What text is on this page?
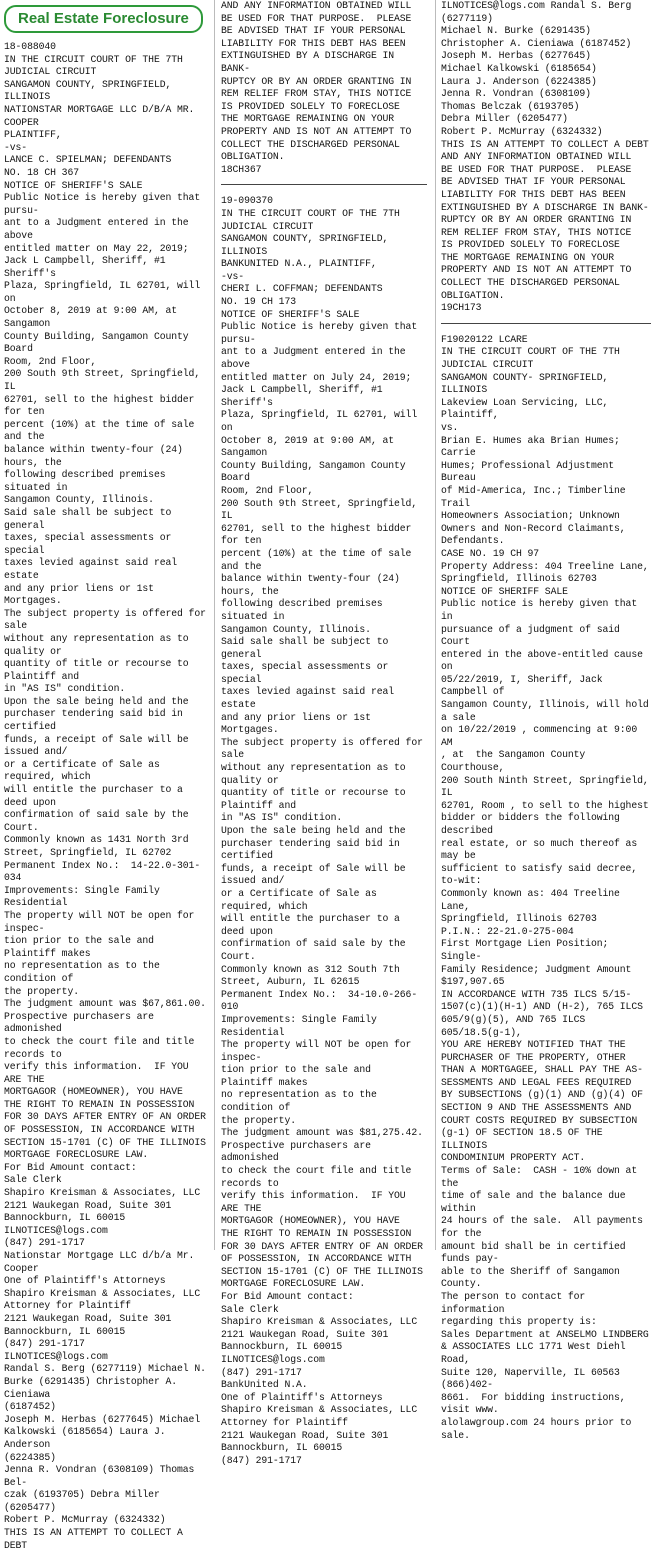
Real Estate Foreclosure
18-088040
IN THE CIRCUIT COURT OF THE 7TH
JUDICIAL CIRCUIT
SANGAMON COUNTY, SPRINGFIELD,
ILLINOIS
NATIONSTAR MORTGAGE LLC D/B/A MR.
COOPER
PLAINTIFF,
-vs-
LANCE C. SPIELMAN; DEFENDANTS
NO. 18 CH 367
NOTICE OF SHERIFF'S SALE
Public Notice is hereby given that pursu-
ant to a Judgment entered in the above
entitled matter on May 22, 2019;
Jack L Campbell, Sheriff, #1 Sheriff's
Plaza, Springfield, IL 62701, will on
October 8, 2019 at 9:00 AM, at Sangamon
County Building, Sangamon County Board
Room, 2nd Floor,
200 South 9th Street, Springfield, IL
62701, sell to the highest bidder for ten
percent (10%) at the time of sale and the
balance within twenty-four (24) hours, the
following described premises situated in
Sangamon County, Illinois.
Said sale shall be subject to general
taxes, special assessments or special
taxes levied against said real estate
and any prior liens or 1st Mortgages.
The subject property is offered for sale
without any representation as to quality or
quantity of title or recourse to Plaintiff and
in "AS IS" condition.
Upon the sale being held and the
purchaser tendering said bid in certified
funds, a receipt of Sale will be issued and/
or a Certificate of Sale as required, which
will entitle the purchaser to a deed upon
confirmation of said sale by the Court.
Commonly known as 1431 North 3rd
Street, Springfield, IL 62702
Permanent Index No.:  14-22.0-301-034
Improvements: Single Family Residential
The property will NOT be open for inspec-
tion prior to the sale and Plaintiff makes
no representation as to the condition of
the property.
The judgment amount was $67,861.00.
Prospective purchasers are admonished
to check the court file and title records to
verify this information.  IF YOU ARE THE
MORTGAGOR (HOMEOWNER), YOU HAVE
THE RIGHT TO REMAIN IN POSSESSION
FOR 30 DAYS AFTER ENTRY OF AN ORDER
OF POSSESSION, IN ACCORDANCE WITH
SECTION 15-1701 (C) OF THE ILLINOIS
MORTGAGE FORECLOSURE LAW.
For Bid Amount contact:
Sale Clerk
Shapiro Kreisman & Associates, LLC
2121 Waukegan Road, Suite 301
Bannockburn, IL 60015
ILNOTICES@logs.com
(847) 291-1717
Nationstar Mortgage LLC d/b/a Mr. Cooper
One of Plaintiff's Attorneys
Shapiro Kreisman & Associates, LLC
Attorney for Plaintiff
2121 Waukegan Road, Suite 301
Bannockburn, IL 60015
(847) 291-1717
ILNOTICES@logs.com
Randal S. Berg (6277119) Michael N.
Burke (6291435) Christopher A. Cieniawa
(6187452)
Joseph M. Herbas (6277645) Michael
Kalkowski (6185654) Laura J. Anderson
(6224385)
Jenna R. Vondran (6308109) Thomas Bel-
czak (6193705) Debra Miller (6205477)
Robert P. McMurray (6324332)
THIS IS AN ATTEMPT TO COLLECT A DEBT
AND ANY INFORMATION OBTAINED WILL
BE USED FOR THAT PURPOSE.  PLEASE
BE ADVISED THAT IF YOUR PERSONAL
LIABILITY FOR THIS DEBT HAS BEEN
EXTINGUISHED BY A DISCHARGE IN BANK-
RUPTCY OR BY AN ORDER GRANTING IN
REM RELIEF FROM STAY, THIS NOTICE
IS PROVIDED SOLELY TO FORECLOSE
THE MORTGAGE REMAINING ON YOUR
PROPERTY AND IS NOT AN ATTEMPT TO
COLLECT THE DISCHARGED PERSONAL
OBLIGATION.
18CH367
19-090370
IN THE CIRCUIT COURT OF THE 7TH
JUDICIAL CIRCUIT
SANGAMON COUNTY, SPRINGFIELD,
ILLINOIS
BANKUNITED N.A., PLAINTIFF,
-vs-
CHERI L. COFFMAN; DEFENDANTS
NO. 19 CH 173
NOTICE OF SHERIFF'S SALE
Public Notice is hereby given that pursu-
ant to a Judgment entered in the above
entitled matter on July 24, 2019;
Jack L Campbell, Sheriff, #1 Sheriff's
Plaza, Springfield, IL 62701, will on
October 8, 2019 at 9:00 AM, at Sangamon
County Building, Sangamon County Board
Room, 2nd Floor,
200 South 9th Street, Springfield, IL
62701, sell to the highest bidder for ten
percent (10%) at the time of sale and the
balance within twenty-four (24) hours, the
following described premises situated in
Sangamon County, Illinois.
Said sale shall be subject to general
taxes, special assessments or special
taxes levied against said real estate
and any prior liens or 1st Mortgages.
The subject property is offered for sale
without any representation as to quality or
quantity of title or recourse to Plaintiff and
in "AS IS" condition.
Upon the sale being held and the
purchaser tendering said bid in certified
funds, a receipt of Sale will be issued and/
or a Certificate of Sale as required, which
will entitle the purchaser to a deed upon
confirmation of said sale by the Court.
Commonly known as 312 South 7th
Street, Auburn, IL 62615
Permanent Index No.:  34-10.0-266-010
Improvements: Single Family
Residential
The property will NOT be open for inspec-
tion prior to the sale and Plaintiff makes
no representation as to the condition of
the property.
The judgment amount was $81,275.42.
Prospective purchasers are admonished
to check the court file and title records to
verify this information.  IF YOU ARE THE
MORTGAGOR (HOMEOWNER), YOU HAVE
THE RIGHT TO REMAIN IN POSSESSION
FOR 30 DAYS AFTER ENTRY OF AN ORDER
OF POSSESSION, IN ACCORDANCE WITH
SECTION 15-1701 (C) OF THE ILLINOIS
MORTGAGE FORECLOSURE LAW.
For Bid Amount contact:
Sale Clerk
Shapiro Kreisman & Associates, LLC
2121 Waukegan Road, Suite 301
Bannockburn, IL 60015
ILNOTICES@logs.com
(847) 291-1717
BankUnited N.A.
One of Plaintiff's Attorneys
Shapiro Kreisman & Associates, LLC
Attorney for Plaintiff
2121 Waukegan Road, Suite 301
Bannockburn, IL 60015
(847) 291-1717
ILNOTICES@logs.com Randal S. Berg
(6277119)
Michael N. Burke (6291435)
Christopher A. Cieniawa (6187452)
Joseph M. Herbas (6277645)
Michael Kalkowski (6185654)
Laura J. Anderson (6224385)
Jenna R. Vondran (6308109)
Thomas Belczak (6193705)
Debra Miller (6205477)
Robert P. McMurray (6324332)
THIS IS AN ATTEMPT TO COLLECT A DEBT
AND ANY INFORMATION OBTAINED WILL
BE USED FOR THAT PURPOSE.  PLEASE
BE ADVISED THAT IF YOUR PERSONAL
LIABILITY FOR THIS DEBT HAS BEEN
EXTINGUISHED BY A DISCHARGE IN BANK-
RUPTCY OR BY AN ORDER GRANTING IN
REM RELIEF FROM STAY, THIS NOTICE
IS PROVIDED SOLELY TO FORECLOSE
THE MORTGAGE REMAINING ON YOUR
PROPERTY AND IS NOT AN ATTEMPT TO
COLLECT THE DISCHARGED PERSONAL
OBLIGATION.
19CH173
F19020122 LCARE
IN THE CIRCUIT COURT OF THE 7TH
JUDICIAL CIRCUIT
SANGAMON COUNTY- SPRINGFIELD,
ILLINOIS
Lakeview Loan Servicing, LLC, Plaintiff,
vs.
Brian E. Humes aka Brian Humes; Carrie
Humes; Professional Adjustment Bureau
of Mid-America, Inc.; Timberline Trail
Homeowners Association; Unknown
Owners and Non-Record Claimants,
Defendants.
CASE NO. 19 CH 97
Property Address: 404 Treeline Lane,
Springfield, Illinois 62703
NOTICE OF SHERIFF SALE
Public notice is hereby given that in
pursuance of a judgment of said Court
entered in the above-entitled cause on
05/22/2019, I, Sheriff, Jack Campbell of
Sangamon County, Illinois, will hold a sale
on 10/22/2019 , commencing at 9:00 AM
, at  the Sangamon County Courthouse,
200 South Ninth Street, Springfield, IL
62701, Room , to sell to the highest
bidder or bidders the following described
real estate, or so much thereof as may be
sufficient to satisfy said decree, to-wit:
Commonly known as: 404 Treeline Lane,
Springfield, Illinois 62703
P.I.N.: 22-21.0-275-004
First Mortgage Lien Position; Single-
Family Residence; Judgment Amount
$197,907.65
IN ACCORDANCE WITH 735 ILCS 5/15-
1507(c)(1)(H-1) AND (H-2), 765 ILCS
605/9(g)(5), AND 765 ILCS 605/18.5(g-1),
YOU ARE HEREBY NOTIFIED THAT THE
PURCHASER OF THE PROPERTY, OTHER
THAN A MORTGAGEE, SHALL PAY THE AS-
SESSMENTS AND LEGAL FEES REQUIRED
BY SUBSECTIONS (g)(1) AND (g)(4) OF
SECTION 9 AND THE ASSESSMENTS AND
COURT COSTS REQUIRED BY SUBSECTION
(g-1) OF SECTION 18.5 OF THE ILLINOIS
CONDOMINIUM PROPERTY ACT.
Terms of Sale:  CASH - 10% down at the
time of sale and the balance due within
24 hours of the sale.  All payments for the
amount bid shall be in certified funds pay-
able to the Sheriff of Sangamon County.
The person to contact for information
regarding this property is:
Sales Department at ANSELMO LINDBERG
& ASSOCIATES LLC 1771 West Diehl Road,
Suite 120, Naperville, IL 60563 (866)402-
8661.  For bidding instructions, visit www.
alolawgroup.com 24 hours prior to sale.
